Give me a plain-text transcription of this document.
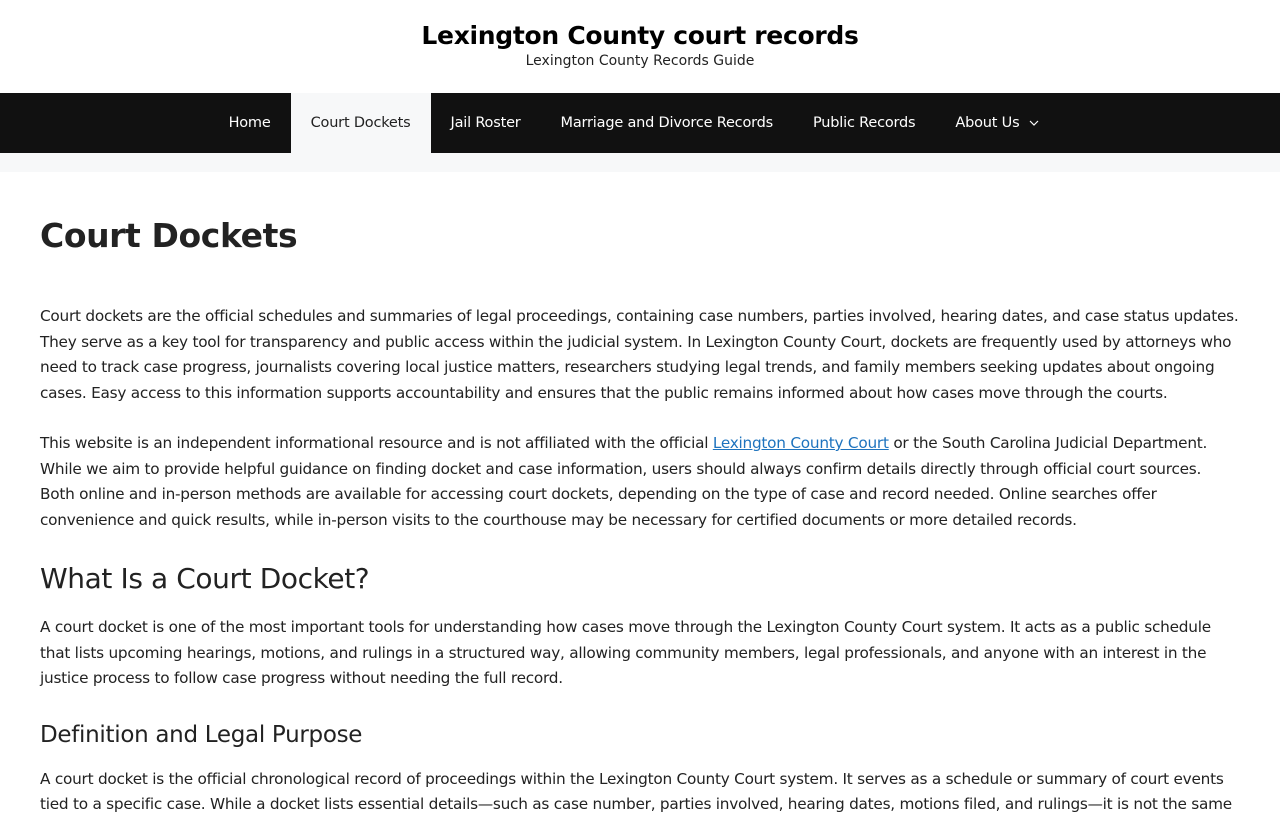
Lexington County court records
Lexington County Records Guide
Home	Court Dockets	Jail Roster	Marriage and Divorce Records	Public Records	About Us
Court Dockets

Court dockets are the official schedules and summaries of legal proceedings, containing case numbers, parties involved, hearing dates, and case status updates. They serve as a key tool for transparency and public access within the judicial system. In Lexington County Court, dockets are frequently used by attorneys who need to track case progress, journalists covering local justice matters, researchers studying legal trends, and family members seeking updates about ongoing cases. Easy access to this information supports accountability and ensures that the public remains informed about how cases move through the courts.

This website is an independent informational resource and is not affiliated with the official Lexington County Court or the South Carolina Judicial Department. While we aim to provide helpful guidance on finding docket and case information, users should always confirm details directly through official court sources. Both online and in-person methods are available for accessing court dockets, depending on the type of case and record needed. Online searches offer convenience and quick results, while in-person visits to the courthouse may be necessary for certified documents or more detailed records.

What Is a Court Docket?

A court docket is one of the most important tools for understanding how cases move through the Lexington County Court system. It acts as a public schedule that lists upcoming hearings, motions, and rulings in a structured way, allowing community members, legal professionals, and anyone with an interest in the justice process to follow case progress without needing the full record.

Definition and Legal Purpose

A court docket is the official chronological record of proceedings within the Lexington County Court system. It serves as a schedule or summary of court events tied to a specific case. While a docket lists essential details—such as case number, parties involved, hearing dates, motions filed, and rulings—it is not the same
